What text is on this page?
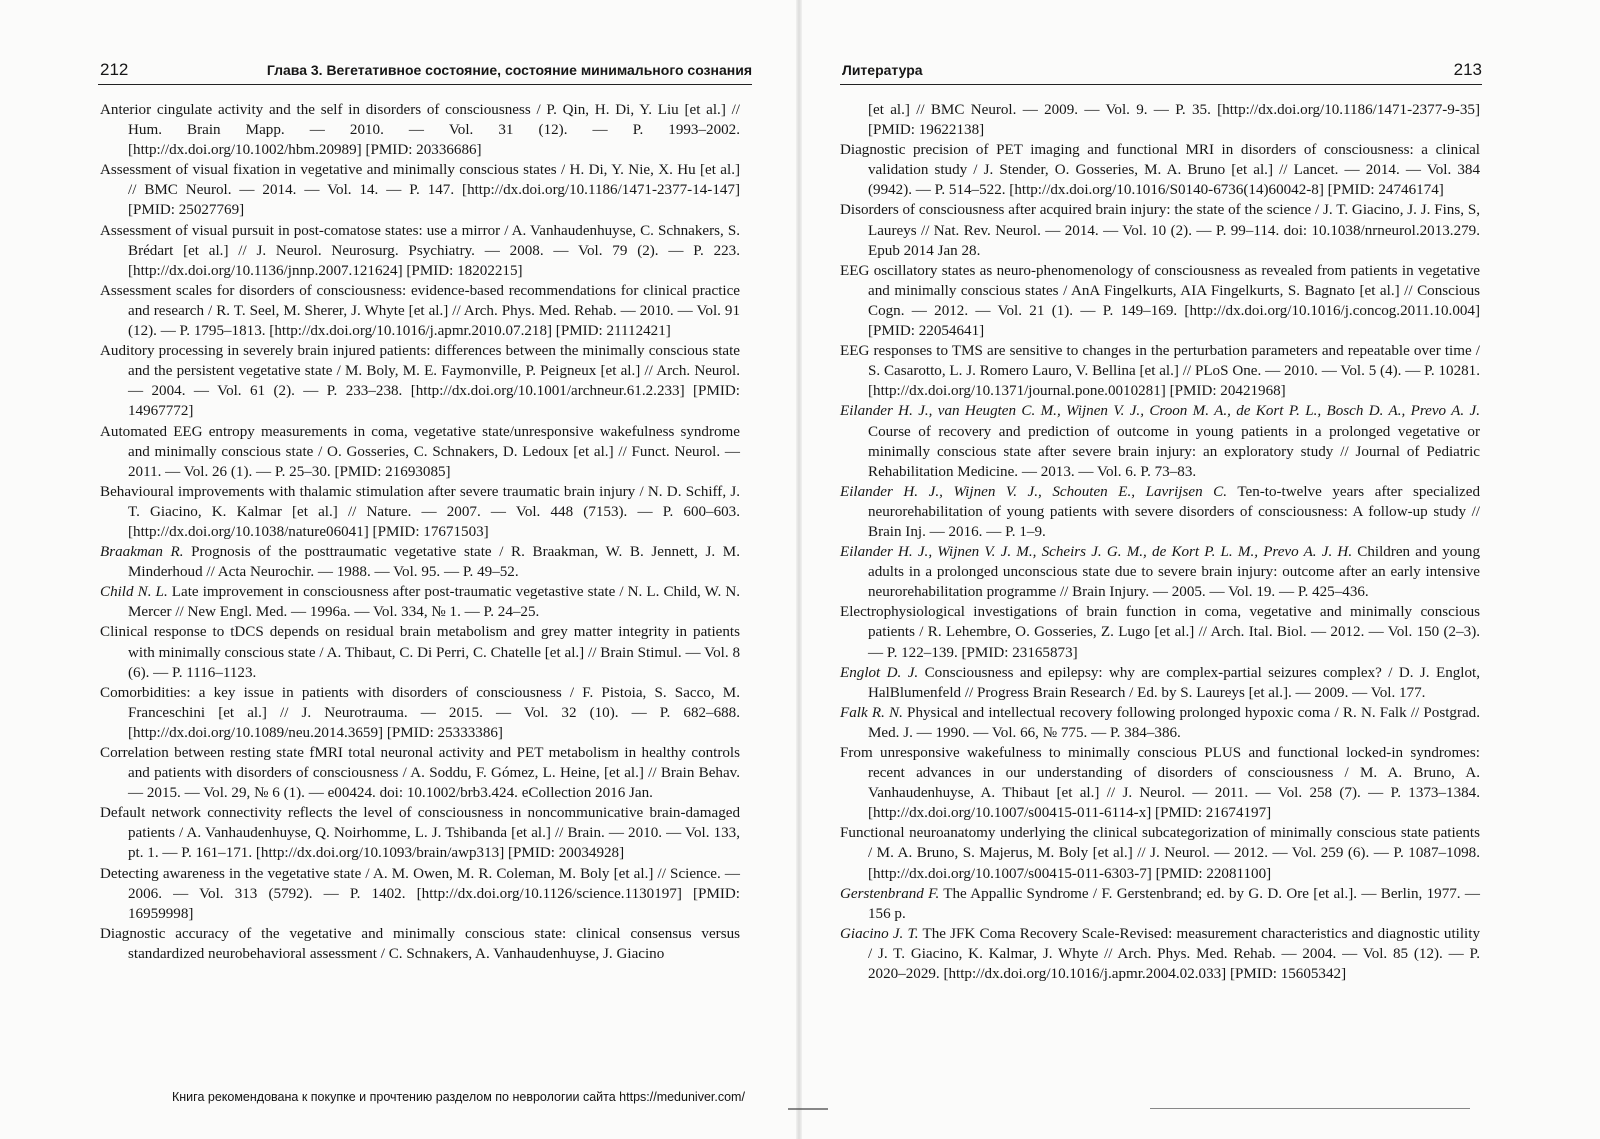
212	Глава 3. Вегетативное состояние, состояние минимального сознания

Anterior cingulate activity and the self in disorders of consciousness / P. Qin, H. Di, Y. Liu [et al.] // Hum. Brain Mapp. — 2010. — Vol. 31 (12). — P. 1993–2002. [http://dx.doi.org/10.1002/hbm.20989] [PMID: 20336686]

Assessment of visual fixation in vegetative and minimally conscious states / H. Di, Y. Nie, X. Hu [et al.] // BMC Neurol. — 2014. — Vol. 14. — P. 147. [http://dx.doi.org/10.1186/1471-2377-14-147] [PMID: 25027769]

Assessment of visual pursuit in post-comatose states: use a mirror / A. Vanhaudenhuyse, C. Schnakers, S. Brédart [et al.] // J. Neurol. Neurosurg. Psychiatry. — 2008. — Vol. 79 (2). — P. 223. [http://dx.doi.org/10.1136/jnnp.2007.121624] [PMID: 18202215]

Assessment scales for disorders of consciousness: evidence-based recommendations for clinical practice and research / R. T. Seel, M. Sherer, J. Whyte [et al.] // Arch. Phys. Med. Rehab. — 2010. — Vol. 91 (12). — P. 1795–1813. [http://dx.doi.org/10.1016/j.apmr.2010.07.218] [PMID: 21112421]

Auditory processing in severely brain injured patients: differences between the minimally conscious state and the persistent vegetative state / M. Boly, M. E. Faymonville, P. Peigneux [et al.] // Arch. Neurol. — 2004. — Vol. 61 (2). — P. 233–238. [http://dx.doi.org/10.1001/archneur.61.2.233] [PMID: 14967772]

Automated EEG entropy measurements in coma, vegetative state/unresponsive wakefulness syndrome and minimally conscious state / O. Gosseries, C. Schnakers, D. Ledoux [et al.] // Funct. Neurol. — 2011. — Vol. 26 (1). — P. 25–30. [PMID: 21693085]

Behavioural improvements with thalamic stimulation after severe traumatic brain injury / N. D. Schiff, J. T. Giacino, K. Kalmar [et al.] // Nature. — 2007. — Vol. 448 (7153). — P. 600–603. [http://dx.doi.org/10.1038/nature06041] [PMID: 17671503]

Braakman R. Prognosis of the posttraumatic vegetative state / R. Braakman, W. B. Jennett, J. M. Minderhoud // Acta Neurochir. — 1988. — Vol. 95. — P. 49–52.

Child N. L. Late improvement in consciousness after post-traumatic vegetastive state / N. L. Child, W. N. Mercer // New Engl. Med. — 1996a. — Vol. 334, № 1. — P. 24–25.

Clinical response to tDCS depends on residual brain metabolism and grey matter integrity in patients with minimally conscious state / A. Thibaut, C. Di Perri, C. Chatelle [et al.] // Brain Stimul. — Vol. 8 (6). — P. 1116–1123.

Comorbidities: a key issue in patients with disorders of consciousness / F. Pistoia, S. Sacco, M. Franceschini [et al.] // J. Neurotrauma. — 2015. — Vol. 32 (10). — P. 682–688. [http://dx.doi.org/10.1089/neu.2014.3659] [PMID: 25333386]

Correlation between resting state fMRI total neuronal activity and PET metabolism in healthy controls and patients with disorders of consciousness / A. Soddu, F. Gómez, L. Heine, [et al.] // Brain Behav. — 2015. — Vol. 29, № 6 (1). — e00424. doi: 10.1002/brb3.424. eCollection 2016 Jan.

Default network connectivity reflects the level of consciousness in noncommunicative brain-damaged patients / A. Vanhaudenhuyse, Q. Noirhomme, L. J. Tshibanda [et al.] // Brain. — 2010. — Vol. 133, pt. 1. — P. 161–171. [http://dx.doi.org/10.1093/brain/awp313] [PMID: 20034928]

Detecting awareness in the vegetative state / A. M. Owen, M. R. Coleman, M. Boly [et al.] // Science. — 2006. — Vol. 313 (5792). — P. 1402. [http://dx.doi.org/10.1126/science.1130197] [PMID: 16959998]

Diagnostic accuracy of the vegetative and minimally conscious state: clinical consensus versus standardized neurobehavioral assessment / C. Schnakers, A. Vanhaudenhuyse, J. Giacino

Книга рекомендована к покупке и прочтению разделом по неврологии сайта https://meduniver.com/
Литература	213

[et al.] // BMC Neurol. — 2009. — Vol. 9. — P. 35. [http://dx.doi.org/10.1186/1471-2377-9-35] [PMID: 19622138]

Diagnostic precision of PET imaging and functional MRI in disorders of consciousness: a clinical validation study / J. Stender, O. Gosseries, M. A. Bruno [et al.] // Lancet. — 2014. — Vol. 384 (9942). — P. 514–522. [http://dx.doi.org/10.1016/S0140-6736(14)60042-8] [PMID: 24746174]

Disorders of consciousness after acquired brain injury: the state of the science / J. T. Giacino, J. J. Fins, S, Laureys // Nat. Rev. Neurol. — 2014. — Vol. 10 (2). — P. 99–114. doi: 10.1038/nrneurol.2013.279. Epub 2014 Jan 28.

EEG oscillatory states as neuro-phenomenology of consciousness as revealed from patients in vegetative and minimally conscious states / AnA Fingelkurts, AIA Fingelkurts, S. Bagnato [et al.] // Conscious Cogn. — 2012. — Vol. 21 (1). — P. 149–169. [http://dx.doi.org/10.1016/j.concog.2011.10.004] [PMID: 22054641]

EEG responses to TMS are sensitive to changes in the perturbation parameters and repeatable over time / S. Casarotto, L. J. Romero Lauro, V. Bellina [et al.] // PLoS One. — 2010. — Vol. 5 (4). — P. 10281. [http://dx.doi.org/10.1371/journal.pone.0010281] [PMID: 20421968]

Eilander H. J., van Heugten C. M., Wijnen V. J., Croon M. A., de Kort P. L., Bosch D. A., Prevo A. J. Course of recovery and prediction of outcome in young patients in a prolonged vegetative or minimally conscious state after severe brain injury: an exploratory study // Journal of Pediatric Rehabilitation Medicine. — 2013. — Vol. 6. P. 73–83.

Eilander H. J., Wijnen V. J., Schouten E., Lavrijsen C. Ten-to-twelve years after specialized neurorehabilitation of young patients with severe disorders of consciousness: A follow-up study // Brain Inj. — 2016. — P. 1–9.

Eilander H. J., Wijnen V. J. M., Scheirs J. G. M., de Kort P. L. M., Prevo A. J. H. Children and young adults in a prolonged unconscious state due to severe brain injury: outcome after an early intensive neurorehabilitation programme // Brain Injury. — 2005. — Vol. 19. — P. 425–436.

Electrophysiological investigations of brain function in coma, vegetative and minimally conscious patients / R. Lehembre, O. Gosseries, Z. Lugo [et al.] // Arch. Ital. Biol. — 2012. — Vol. 150 (2–3). — P. 122–139. [PMID: 23165873]

Englot D. J. Consciousness and epilepsy: why are complex-partial seizures complex? / D. J. Englot, HalBlumenfeld // Progress Brain Research / Ed. by S. Laureys [et al.]. — 2009. — Vol. 177.

Falk R. N. Physical and intellectual recovery following prolonged hypoxic coma / R. N. Falk // Postgrad. Med. J. — 1990. — Vol. 66, № 775. — P. 384–386.

From unresponsive wakefulness to minimally conscious PLUS and functional locked-in syndromes: recent advances in our understanding of disorders of consciousness / M. A. Bruno, A. Vanhaudenhuyse, A. Thibaut [et al.] // J. Neurol. — 2011. — Vol. 258 (7). — P. 1373–1384. [http://dx.doi.org/10.1007/s00415-011-6114-x] [PMID: 21674197]

Functional neuroanatomy underlying the clinical subcategorization of minimally conscious state patients / M. A. Bruno, S. Majerus, M. Boly [et al.] // J. Neurol. — 2012. — Vol. 259 (6). — P. 1087–1098. [http://dx.doi.org/10.1007/s00415-011-6303-7] [PMID: 22081100]

Gerstenbrand F. The Appallic Syndrome / F. Gerstenbrand; ed. by G. D. Ore [et al.]. — Berlin, 1977. — 156 p.

Giacino J. T. The JFK Coma Recovery Scale-Revised: measurement characteristics and diagnostic utility / J. T. Giacino, K. Kalmar, J. Whyte // Arch. Phys. Med. Rehab. — 2004. — Vol. 85 (12). — P. 2020–2029. [http://dx.doi.org/10.1016/j.apmr.2004.02.033] [PMID: 15605342]
